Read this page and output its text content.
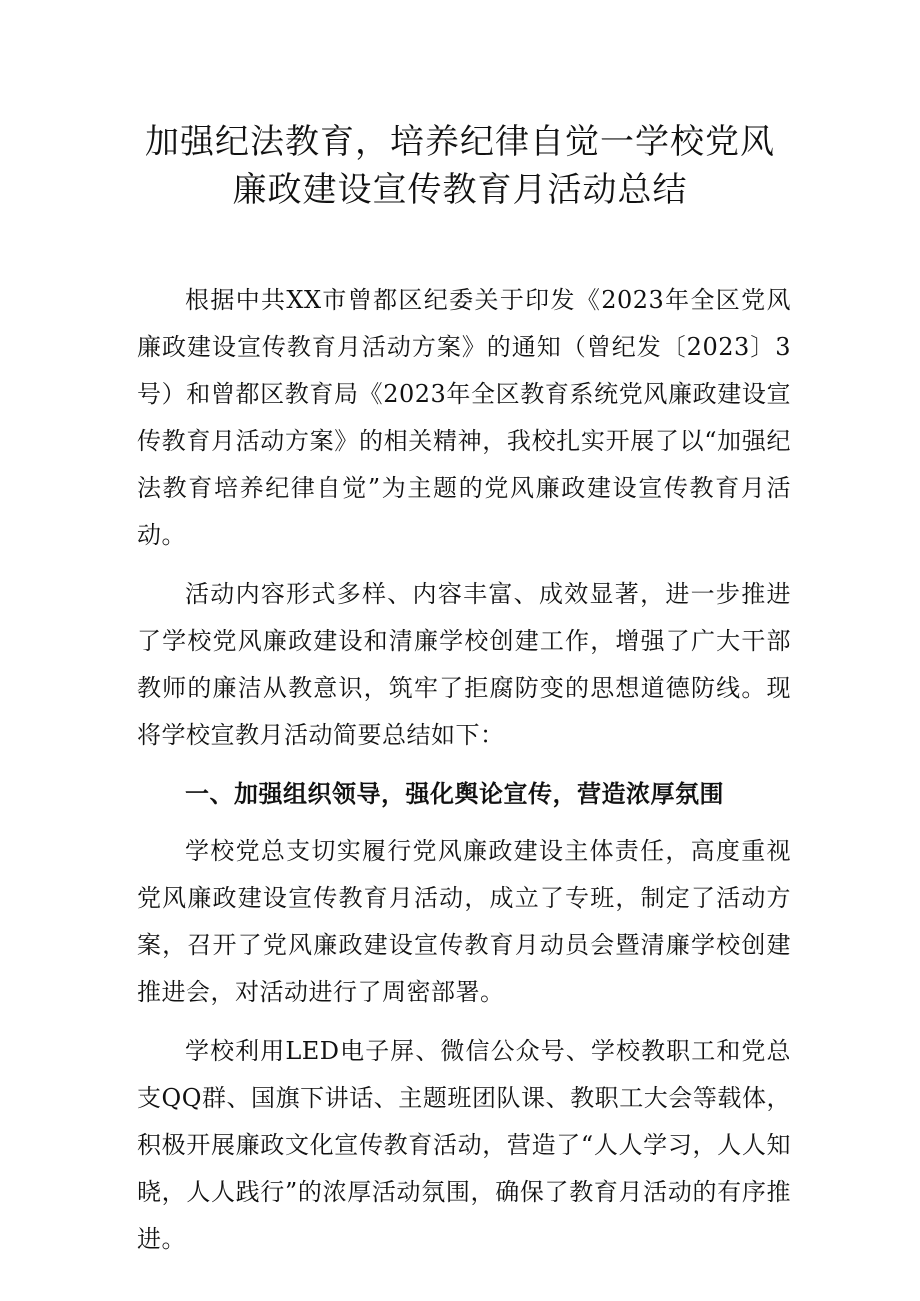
加强纪法教育，培养纪律自觉一学校党风
廉政建设宣传教育月活动总结

根据中共XX市曾都区纪委关于印发《2023年全区党风廉政建设宣传教育月活动方案》的通知（曾纪发〔2023〕3号）和曾都区教育局《2023年全区教育系统党风廉政建设宣传教育月活动方案》的相关精神，我校扎实开展了以“加强纪法教育培养纪律自觉”为主题的党风廉政建设宣传教育月活动。

活动内容形式多样、内容丰富、成效显著，进一步推进了学校党风廉政建设和清廉学校创建工作，增强了广大干部教师的廉洁从教意识，筑牢了拒腐防变的思想道德防线。现将学校宣教月活动简要总结如下：

一、加强组织领导，强化舆论宣传，营造浓厚氛围

学校党总支切实履行党风廉政建设主体责任，高度重视党风廉政建设宣传教育月活动，成立了专班，制定了活动方案，召开了党风廉政建设宣传教育月动员会暨清廉学校创建推进会，对活动进行了周密部署。

学校利用LED电子屏、微信公众号、学校教职工和党总支QQ群、国旗下讲话、主题班团队课、教职工大会等载体，积极开展廉政文化宣传教育活动，营造了“人人学习，人人知晓，人人践行”的浓厚活动氛围，确保了教育月活动的有序推进。
